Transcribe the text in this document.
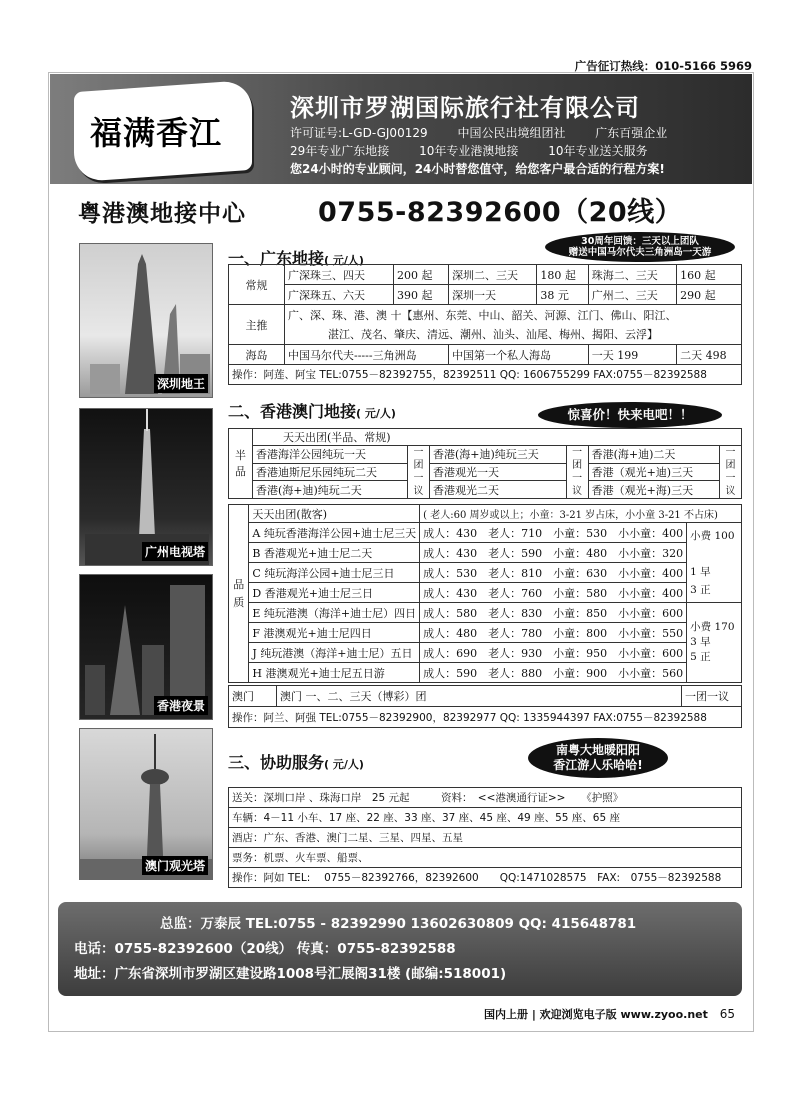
广告征订热线：010-5166 5969
福满香江
深圳市罗湖国际旅行社有限公司
许可证号:L-GD-GJ00129 中国公民出境组团社 广东百强企业
29年专业广东地接 10年专业港澳地接 10年专业送关服务
您24小时的专业顾问，24小时替您值守，给您客户最合适的行程方案!
粤港澳地接中心	0755-82392600（20线）
深圳地王
广州电视塔
香港夜景
澳门观光塔
一、广东地接( 元/人)
30周年回馈：三天以上团队
赠送中国马尔代夫三角洲岛一天游
常规	广深珠三、四天	200 起	深圳二、三天	180 起	珠海二、三天	160 起
	广深珠五、六天	390 起	深圳一天	38 元	广州二、三天	290 起
主推	广、深、珠、港、澳 十【惠州、东莞、中山、韶关、河源、江门、佛山、阳江、
湛江、茂名、肇庆、清远、潮州、汕头、汕尾、梅州、揭阳、云浮】					

海岛	中国马尔代夫-----三角洲岛		中国第一个私人海岛		一天 199	二天 498
操作：阿莲、阿宝 TEL:0755－82392755，82392511 QQ: 1606755299 FAX:0755－82392588						
二、香港澳门地接( 元/人)	惊喜价！快来电吧！！
半品	天天出团(半品、常规)					
	香港海洋公园纯玩一天	一团一议	香港(海+迪)纯玩三天	一团一议	香港(海+迪)二天	一团一议
	香港迪斯尼乐园纯玩二天		香港观光一天		香港（观光+迪)三天	
	香港(海+迪)纯玩二天		香港观光二天		香港（观光+海)三天	
品质	天天出团(散客)	( 老人:60 周岁或以上；小童：3-21 岁占床，小小童 3-21 不占床)	
	A 纯玩香港海洋公园+迪士尼三天	成人：430　老人：710　小童：530　小小童：400	小费 100

1 早
3 正

	B 香港观光+迪士尼二天	成人：430　老人：590　小童：480　小小童：320	
	C 纯玩海洋公园+迪士尼三日	成人：530　老人：810　小童：630　小小童：400	
	D 香港观光+迪士尼三日	成人：430　老人：760　小童：580　小小童：400	
	E 纯玩港澳（海洋+迪士尼）四日	成人：580　老人：830　小童：850　小小童：600	小费 170
3 早
5 正

	F 港澳观光+迪士尼四日	成人：480　老人：780　小童：800　小小童：550	
	J 纯玩港澳（海洋+迪士尼）五日	成人：690　老人：930　小童：950　小小童：600	
	H 港澳观光+迪士尼五日游	成人：590　老人：880　小童：900　小小童：560	
澳门	澳门 一、二、三天（博彩）团	一团一议
操作：阿兰、阿强 TEL:0755－82392900，82392977 QQ: 1335944397 FAX:0755－82392588
三、协助服务( 元/人)
南粤大地暖阳阳
香江游人乐哈哈!
送关：深圳口岸 、珠海口岸　25 元起　　　资料：　<<港澳通行证>>　　《护照》
车辆：4－11 小车、17 座、22 座、33 座、37 座、45 座、49 座、55 座、65 座
酒店：广东、香港、澳门二星、三星、四星、五星
票务：机票、火车票、船票、
操作：阿如 TEL:　 0755－82392766，82392600　　QQ:1471028575　FAX:　0755－82392588
总监：万泰辰 TEL:0755 - 82392990 13602630809 QQ: 415648781
电话：0755-82392600（20线） 传真：0755-82392588
地址：广东省深圳市罗湖区建设路1008号汇展阁31楼 (邮编:518001)
国内上册 | 欢迎浏览电子版 www.zyoo.net 65
